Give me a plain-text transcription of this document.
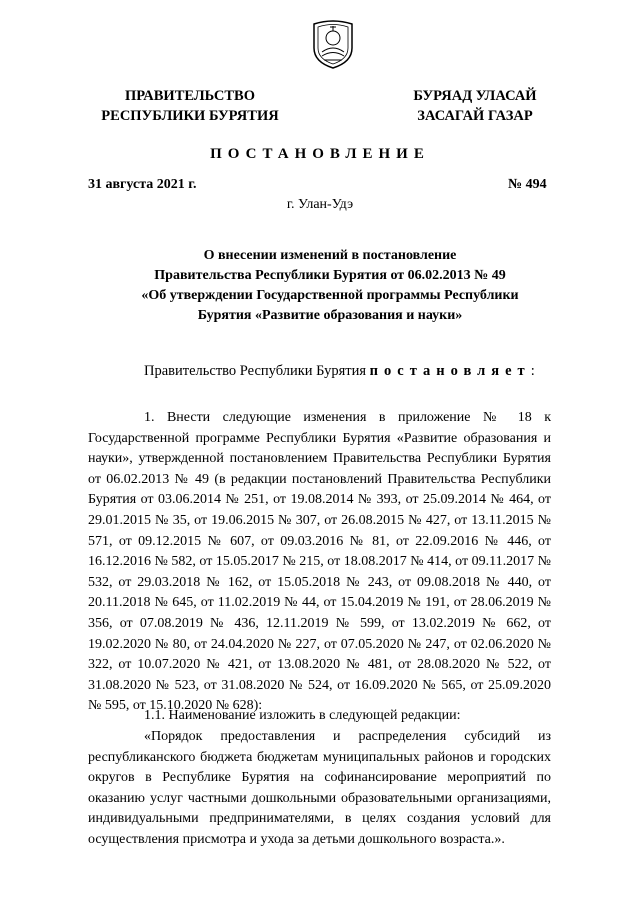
ПРАВИТЕЛЬСТВО
РЕСПУБЛИКИ БУРЯТИЯ
БУРЯАД УЛАСАЙ
ЗАСАГАЙ ГАЗАР
ПОСТАНОВЛЕНИЕ
31 августа 2021 г.	№ 494
г. Улан-Удэ
О внесении изменений в постановление
Правительства Республики Бурятия от 06.02.2013 № 49
«Об утверждении Государственной программы Республики
Бурятия «Развитие образования и науки»
Правительство Республики Бурятия постановляет:
1. Внести следующие изменения в приложение № 18 к Государственной программе Республики Бурятия «Развитие образования и науки», утвержденной постановлением Правительства Республики Бурятия от 06.02.2013 № 49 (в редакции постановлений Правительства Республики Бурятия от 03.06.2014 № 251, от 19.08.2014 № 393, от 25.09.2014 № 464, от 29.01.2015 № 35, от 19.06.2015 № 307, от 26.08.2015 № 427, от 13.11.2015 № 571, от 09.12.2015 № 607, от 09.03.2016 № 81, от 22.09.2016 № 446, от 16.12.2016 № 582, от 15.05.2017 № 215, от 18.08.2017 № 414, от 09.11.2017 № 532, от 29.03.2018 № 162, от 15.05.2018 № 243, от 09.08.2018 № 440, от 20.11.2018 № 645, от 11.02.2019 № 44, от 15.04.2019 № 191, от 28.06.2019 № 356, от 07.08.2019 № 436, 12.11.2019 № 599, от 13.02.2019 № 662, от 19.02.2020 № 80, от 24.04.2020 № 227, от 07.05.2020 № 247, от 02.06.2020 № 322, от 10.07.2020 № 421, от 13.08.2020 № 481, от 28.08.2020 № 522, от 31.08.2020 № 523, от 31.08.2020 № 524, от 16.09.2020 № 565, от 25.09.2020 № 595, от 15.10.2020 № 628):
1.1. Наименование изложить в следующей редакции:
«Порядок предоставления и распределения субсидий из республиканского бюджета бюджетам муниципальных районов и городских округов в Республике Бурятия на софинансирование мероприятий по оказанию услуг частными дошкольными образовательными организациями, индивидуальными предпринимателями, в целях создания условий для осуществления присмотра и ухода за детьми дошкольного возраста.».
